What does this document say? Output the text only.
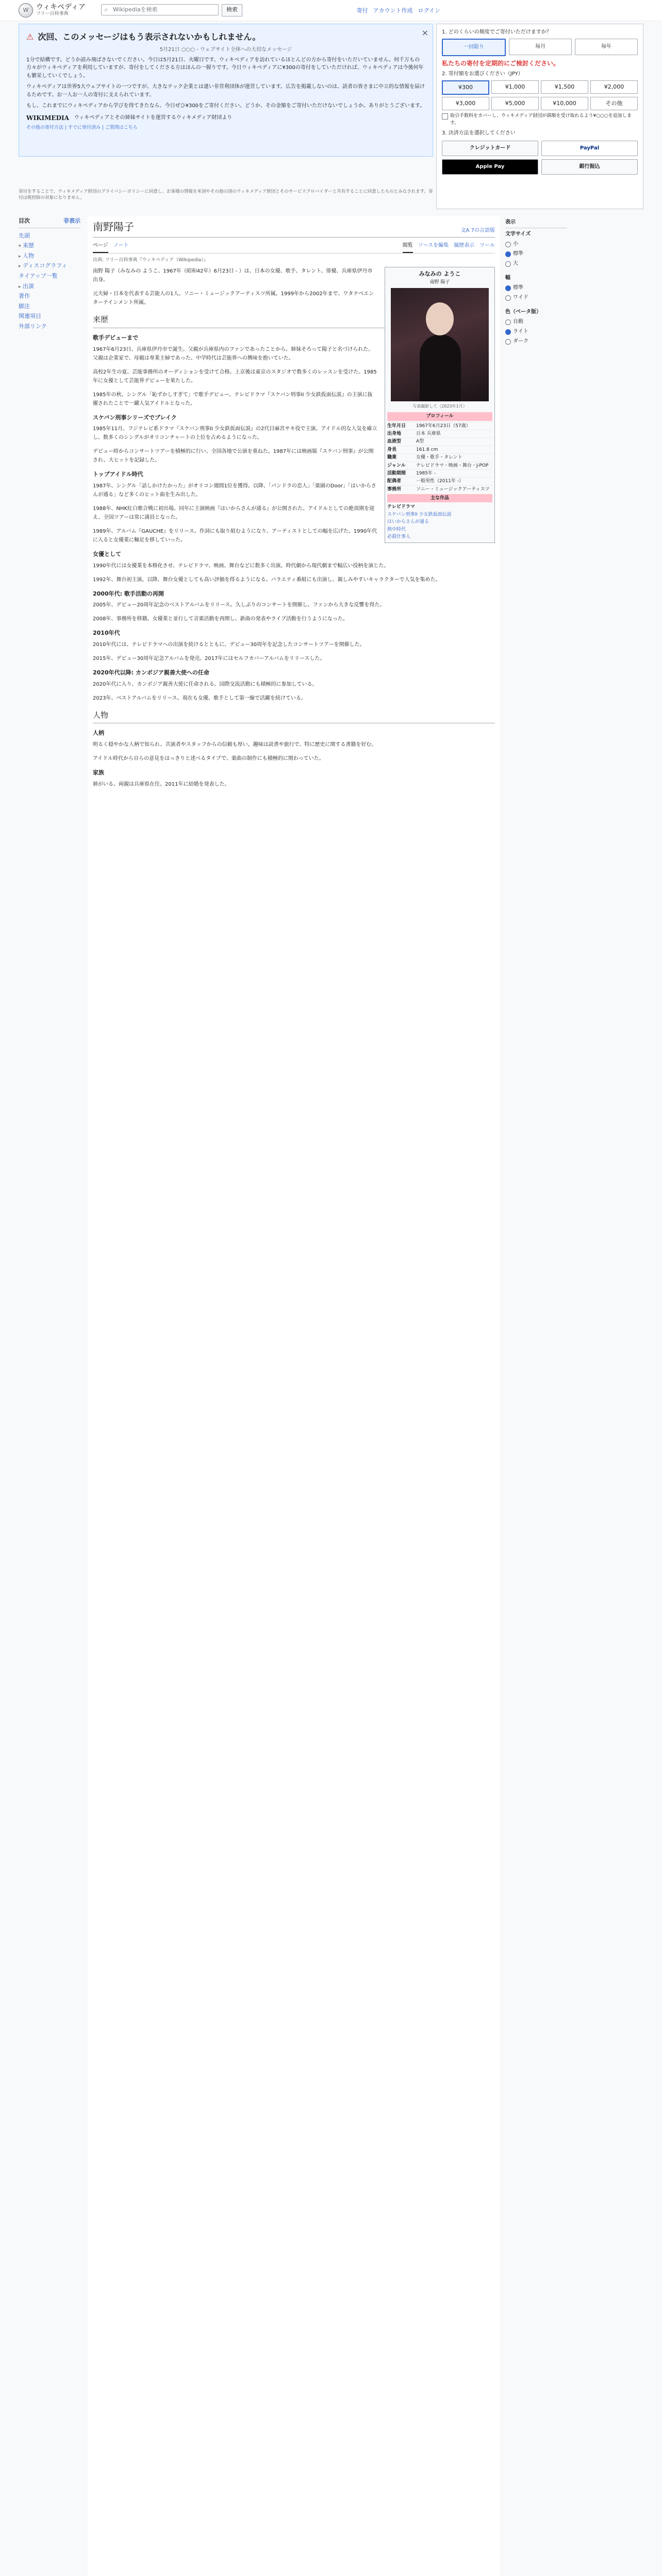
W	ウィキペディア
フリー百科事典
⌕ Wikipediaを検索	検索	寄付 アカウント作成 ログイン
×
⚠ 次回、このメッセージはもう表示されないかもしれません。
5月21日 ○○○ - ウェブサイト全体への大切なメッセージ

1分で結構です。どうか読み飛ばさないでください。今日は5月21日、火曜日です。ウィキペディアを訪れているほとんどの方から寄付をいただいていません。何千万もの方々がウィキペディアを利用していますが、寄付をしてくださる方はほんの一握りです。今日ウィキペディアに¥300の寄付をしていただければ、ウィキペディアは今後何年も繁栄していくでしょう。

ウィキペディアは世界5大ウェブサイトの一つですが、大きなテック企業とは違い非営利団体が運営しています。広告を掲載しないのは、読者の皆さまに中立的な情報を届けるためです。お一人お一人の寄付に支えられています。

もし、これまでにウィキペディアから学びを得てきたなら、今日ぜひ¥300をご寄付ください。どうか、その金額をご寄付いただけないでしょうか。ありがとうございます。

WIKIMEDIA ウィキペディアとその姉妹サイトを運営するウィキメディア財団より
その他の寄付方法 | すでに寄付済み | ご質問はこちら
1. どのくらいの頻度でご寄付いただけますか？
一回限り	毎月	毎年
私たちの寄付を定期的にご検討ください。
2. 寄付額をお選びください（JPY）
¥300	¥1,000	¥1,500	¥2,000
¥3,000	¥5,000	¥10,000	その他
取引手数料をカバーし、ウィキメディア財団が満額を受け取れるよう¥○○○を追加します。
3. 決済方法を選択してください
クレジットカード	PayPal
Apple Pay	銀行振込
寄付をすることで、ウィキメディア財団のプライバシーポリシーに同意し、お客様の情報を米国やその他の国のウィキメディア財団とそのサービスプロバイダーと共有することに同意したものとみなされます。寄付は税控除の対象になりません。
目次	非表示
先頭
▾ 来歴
▸ 人物
▸ ディスコグラフィ
タイアップ一覧
▸ 出演
著作
脚注
関連項目
外部リンク
南野陽子	文A 7の言語版
ページ ノート	閲覧 ソースを編集 履歴表示 ツール
出典: フリー百科事典『ウィキペディア（Wikipedia）』
みなみの ようこ
南野 陽子
写真撮影して（2023年1月）
プロフィール
生年月日	1967年6月23日（57歳）
出身地	日本 兵庫県
血液型	A型
身長	161.8 cm
職業	女優・歌手・タレント
ジャンル	テレビドラマ・映画・舞台・J-POP
活動期間	1985年 -
配偶者	一般男性（2011年 -）
事務所	ソニー・ミュージックアーティスツ
主な作品
テレビドラマ
スケバン刑事II 少女鉄仮面伝説
はいからさんが通る
熱中時代
必殺仕事人

南野 陽子（みなみの ようこ、1967年（昭和42年）6月23日 - ）は、日本の女優、歌手、タレント、俳優、兵庫県伊丹市出身。

元夫婦・日本を代表する芸能人の1人。ソニー・ミュージックアーティスツ所属。1999年から2002年まで、ワタナベエンターテインメント所属。

来歴
歌手デビューまで

1967年6月23日、兵庫県伊丹市で誕生。父親が兵庫県内のファンであったことから、姉妹そろって陽子と名づけられた。父親は企業家で、母親は専業主婦であった。中学時代は芸能界への興味を抱いていた。

高校2年生の夏、芸能事務所のオーディションを受けて合格。上京後は東京のスタジオで数多くのレッスンを受けた。1985年に女優として芸能界デビューを果たした。

1985年の秋、シングル「恥ずかしすぎて」で歌手デビュー。テレビドラマ『スケバン刑事II 少女鉄仮面伝説』の主演に抜擢されたことで一躍人気アイドルとなった。

スケバン刑事シリーズでブレイク

1985年11月、フジテレビ系ドラマ『スケバン刑事II 少女鉄仮面伝説』の2代目麻宮サキ役で主演。アイドル的な人気を確立し、数多くのシングルがオリコンチャートの上位を占めるようになった。

デビュー時からコンサートツアーを積極的に行い、全国各地で公演を重ねた。1987年には映画版『スケバン刑事』が公開され、大ヒットを記録した。

トップアイドル時代

1987年、シングル「話しかけたかった」がオリコン週間1位を獲得。以降、「パンドラの恋人」「楽園のDoor」「はいからさんが通る」など多くのヒット曲を生み出した。

1988年、NHK紅白歌合戦に初出場。同年に主演映画『はいからさんが通る』が公開された。アイドルとしての絶頂期を迎え、全国ツアーは常に満員となった。

1989年、アルバム『GAUCHE』をリリース。作詞にも取り組むようになり、アーティストとしての幅を広げた。1990年代に入ると女優業に軸足を移していった。

女優として

1990年代には女優業を本格化させ、テレビドラマ、映画、舞台などに数多く出演。時代劇から現代劇まで幅広い役柄を演じた。

1992年、舞台初主演。以降、舞台女優としても高い評価を得るようになる。バラエティ番組にも出演し、親しみやすいキャラクターで人気を集めた。

2000年代: 歌手活動の再開

2005年、デビュー20周年記念のベストアルバムをリリース。久しぶりのコンサートを開催し、ファンから大きな反響を得た。

2008年、事務所を移籍。女優業と並行して音楽活動を再開し、新曲の発表やライブ活動を行うようになった。

2010年代

2010年代には、テレビドラマへの出演を続けるとともに、デビュー30周年を記念したコンサートツアーを開催した。

2015年、デビュー30周年記念アルバムを発売。2017年にはセルフカバーアルバムをリリースした。

2020年代以降: カンボジア親善大使への任命

2020年代に入り、カンボジア親善大使に任命される。国際交流活動にも積極的に参加している。

2023年、ベストアルバムをリリース。現在も女優、歌手として第一線で活躍を続けている。

人物
人柄

明るく穏やかな人柄で知られ、共演者やスタッフからの信頼も厚い。趣味は読書や旅行で、特に歴史に関する書籍を好む。

アイドル時代から自らの意見をはっきりと述べるタイプで、楽曲の制作にも積極的に関わっていた。

家族

姉がいる。両親は兵庫県在住。2011年に結婚を発表した。

表示
文字サイズ
小
標準
大
幅
標準
ワイド
色（ベータ版）
自動
ライト
ダーク
